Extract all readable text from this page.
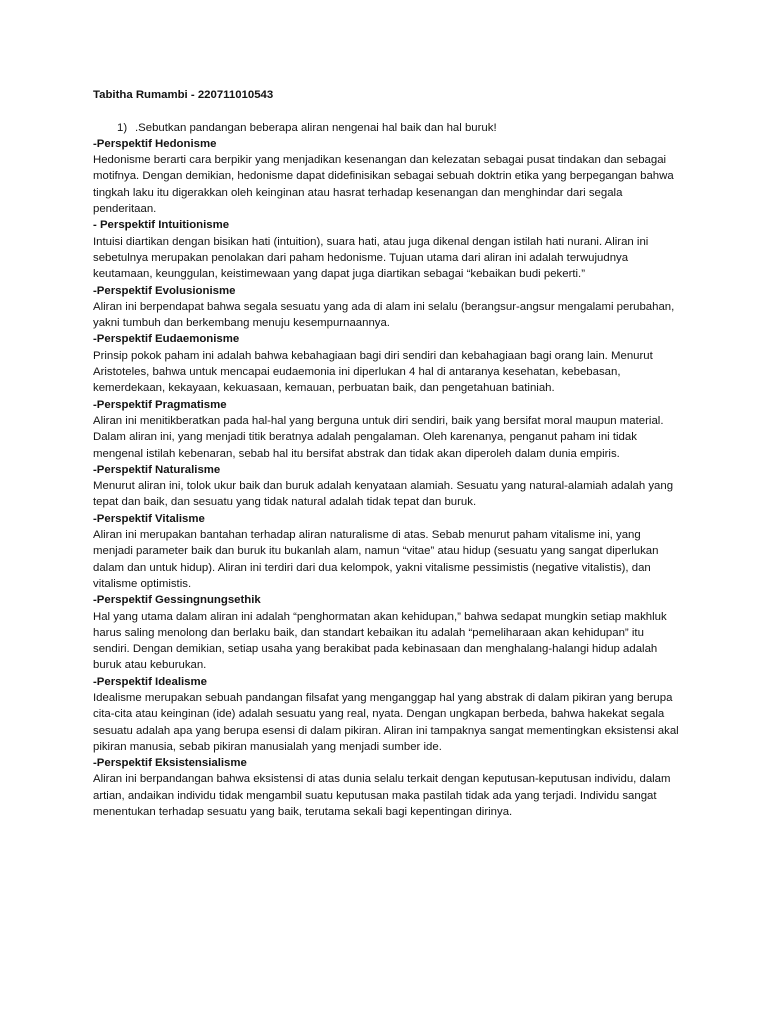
Tabitha Rumambi - 220711010543

1) .Sebutkan pandangan beberapa aliran nengenai hal baik dan hal buruk!

-Perspektif Hedonisme

Hedonisme berarti cara berpikir yang menjadikan kesenangan dan kelezatan sebagai pusat tindakan dan sebagai motifnya. Dengan demikian, hedonisme dapat didefinisikan sebagai sebuah doktrin etika yang berpegangan bahwa tingkah laku itu digerakkan oleh keinginan atau hasrat terhadap kesenangan dan menghindar dari segala penderitaan.

- Perspektif Intuitionisme

Intuisi diartikan dengan bisikan hati (intuition), suara hati, atau juga dikenal dengan istilah hati nurani. Aliran ini sebetulnya merupakan penolakan dari paham hedonisme. Tujuan utama dari aliran ini adalah terwujudnya keutamaan, keunggulan, keistimewaan yang dapat juga diartikan sebagai “kebaikan budi pekerti.”

-Perspektif Evolusionisme

Aliran ini berpendapat bahwa segala sesuatu yang ada di alam ini selalu (berangsur-angsur mengalami perubahan, yakni tumbuh dan berkembang menuju kesempurnaannya.

-Perspektif Eudaemonisme

Prinsip pokok paham ini adalah bahwa kebahagiaan bagi diri sendiri dan kebahagiaan bagi orang lain. Menurut Aristoteles, bahwa untuk mencapai eudaemonia ini diperlukan 4 hal di antaranya kesehatan, kebebasan, kemerdekaan, kekayaan, kekuasaan, kemauan, perbuatan baik, dan pengetahuan batiniah.

-Perspektif Pragmatisme

Aliran ini menitikberatkan pada hal-hal yang berguna untuk diri sendiri, baik yang bersifat moral maupun material. Dalam aliran ini, yang menjadi titik beratnya adalah pengalaman. Oleh karenanya, penganut paham ini tidak mengenal istilah kebenaran, sebab hal itu bersifat abstrak dan tidak akan diperoleh dalam dunia empiris.

-Perspektif Naturalisme

Menurut aliran ini, tolok ukur baik dan buruk adalah kenyataan alamiah. Sesuatu yang natural-alamiah adalah yang tepat dan baik, dan sesuatu yang tidak natural adalah tidak tepat dan buruk.

-Perspektif Vitalisme

Aliran ini merupakan bantahan terhadap aliran naturalisme di atas. Sebab menurut paham vitalisme ini, yang menjadi parameter baik dan buruk itu bukanlah alam, namun “vitae” atau hidup (sesuatu yang sangat diperlukan dalam dan untuk hidup). Aliran ini terdiri dari dua kelompok, yakni vitalisme pessimistis (negative vitalistis), dan vitalisme optimistis.

-Perspektif Gessingnungsethik

Hal yang utama dalam aliran ini adalah “penghormatan akan kehidupan,” bahwa sedapat mungkin setiap makhluk harus saling menolong dan berlaku baik, dan standart kebaikan itu adalah “pemeliharaan akan kehidupan” itu sendiri. Dengan demikian, setiap usaha yang berakibat pada kebinasaan dan menghalang-halangi hidup adalah buruk atau keburukan.

-Perspektif Idealisme

Idealisme merupakan sebuah pandangan filsafat yang menganggap hal yang abstrak di dalam pikiran yang berupa cita-cita atau keinginan (ide) adalah sesuatu yang real, nyata. Dengan ungkapan berbeda, bahwa hakekat segala sesuatu adalah apa yang berupa esensi di dalam pikiran. Aliran ini tampaknya sangat mementingkan eksistensi akal pikiran manusia, sebab pikiran manusialah yang menjadi sumber ide.

-Perspektif Eksistensialisme

Aliran ini berpandangan bahwa eksistensi di atas dunia selalu terkait dengan keputusan-keputusan individu, dalam artian, andaikan individu tidak mengambil suatu keputusan maka pastilah tidak ada yang terjadi. Individu sangat menentukan terhadap sesuatu yang baik, terutama sekali bagi kepentingan dirinya.
